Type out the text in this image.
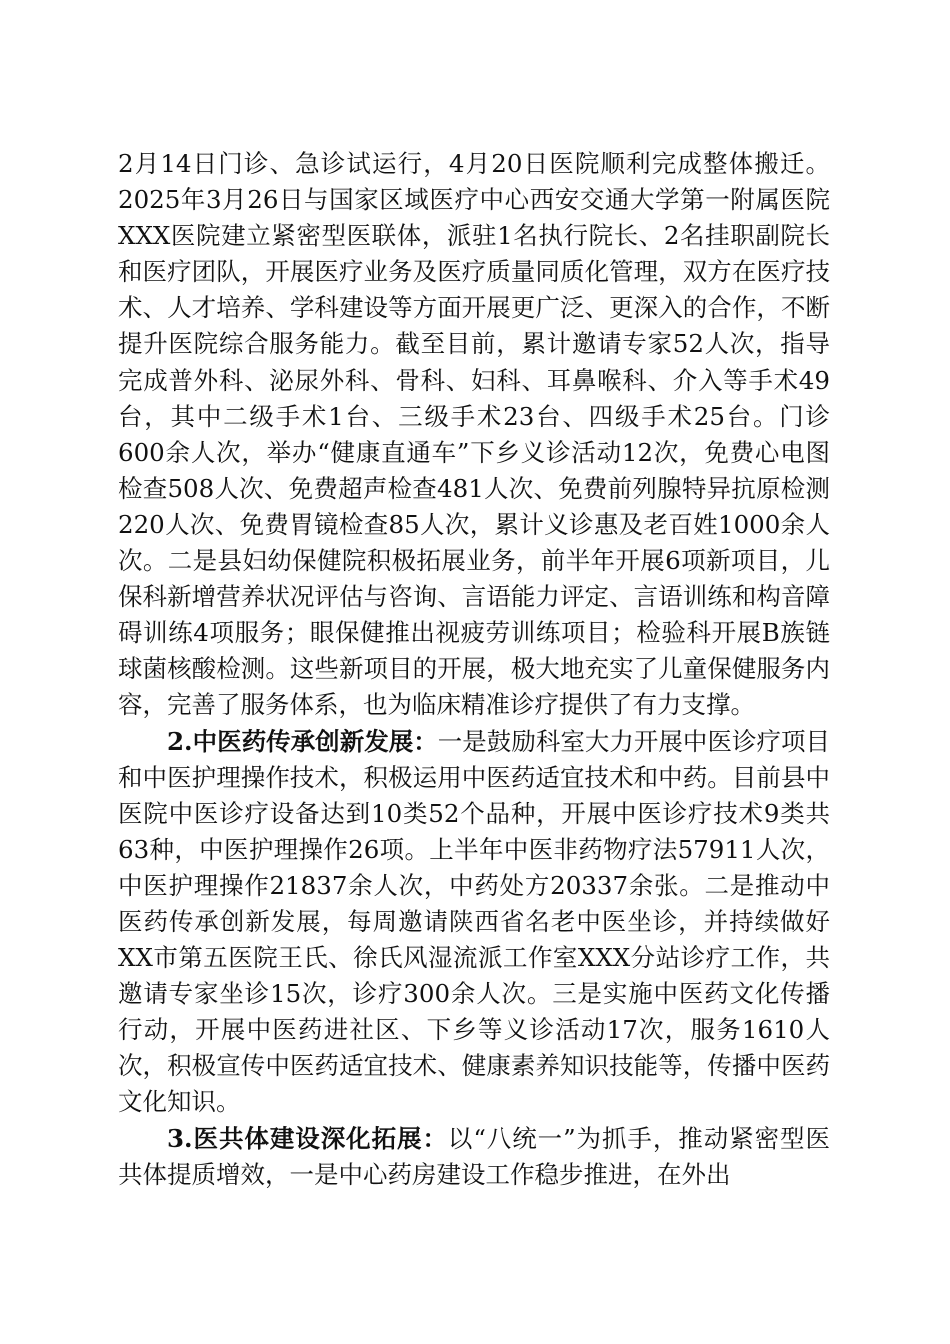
2月14日门诊、急诊试运行，4月20日医院顺利完成整体搬迁。2025年3月26日与国家区域医疗中心西安交通大学第一附属医院XXX医院建立紧密型医联体，派驻1名执行院长、2名挂职副院长和医疗团队，开展医疗业务及医疗质量同质化管理，双方在医疗技术、人才培养、学科建设等方面开展更广泛、更深入的合作，不断提升医院综合服务能力。截至目前，累计邀请专家52人次，指导完成普外科、泌尿外科、骨科、妇科、耳鼻喉科、介入等手术49台，其中二级手术1台、三级手术23台、四级手术25台。门诊600余人次，举办“健康直通车”下乡义诊活动12次，免费心电图检查508人次、免费超声检查481人次、免费前列腺特异抗原检测220人次、免费胃镜检查85人次，累计义诊惠及老百姓1000余人次。二是县妇幼保健院积极拓展业务，前半年开展6项新项目，儿保科新增营养状况评估与咨询、言语能力评定、言语训练和构音障碍训练4项服务；眼保健推出视疲劳训练项目；检验科开展B族链球菌核酸检测。这些新项目的开展，极大地充实了儿童保健服务内容，完善了服务体系，也为临床精准诊疗提供了有力支撑。

2.中医药传承创新发展：一是鼓励科室大力开展中医诊疗项目和中医护理操作技术，积极运用中医药适宜技术和中药。目前县中医院中医诊疗设备达到10类52个品种，开展中医诊疗技术9类共63种，中医护理操作26项。上半年中医非药物疗法57911人次，中医护理操作21837余人次，中药处方20337余张。二是推动中医药传承创新发展，每周邀请陕西省名老中医坐诊，并持续做好XX市第五医院王氏、徐氏风湿流派工作室XXX分站诊疗工作，共邀请专家坐诊15次，诊疗300余人次。三是实施中医药文化传播行动，开展中医药进社区、下乡等义诊活动17次，服务1610人次，积极宣传中医药适宜技术、健康素养知识技能等，传播中医药文化知识。

3.医共体建设深化拓展：以“八统一”为抓手，推动紧密型医共体提质增效，一是中心药房建设工作稳步推进，在外出
